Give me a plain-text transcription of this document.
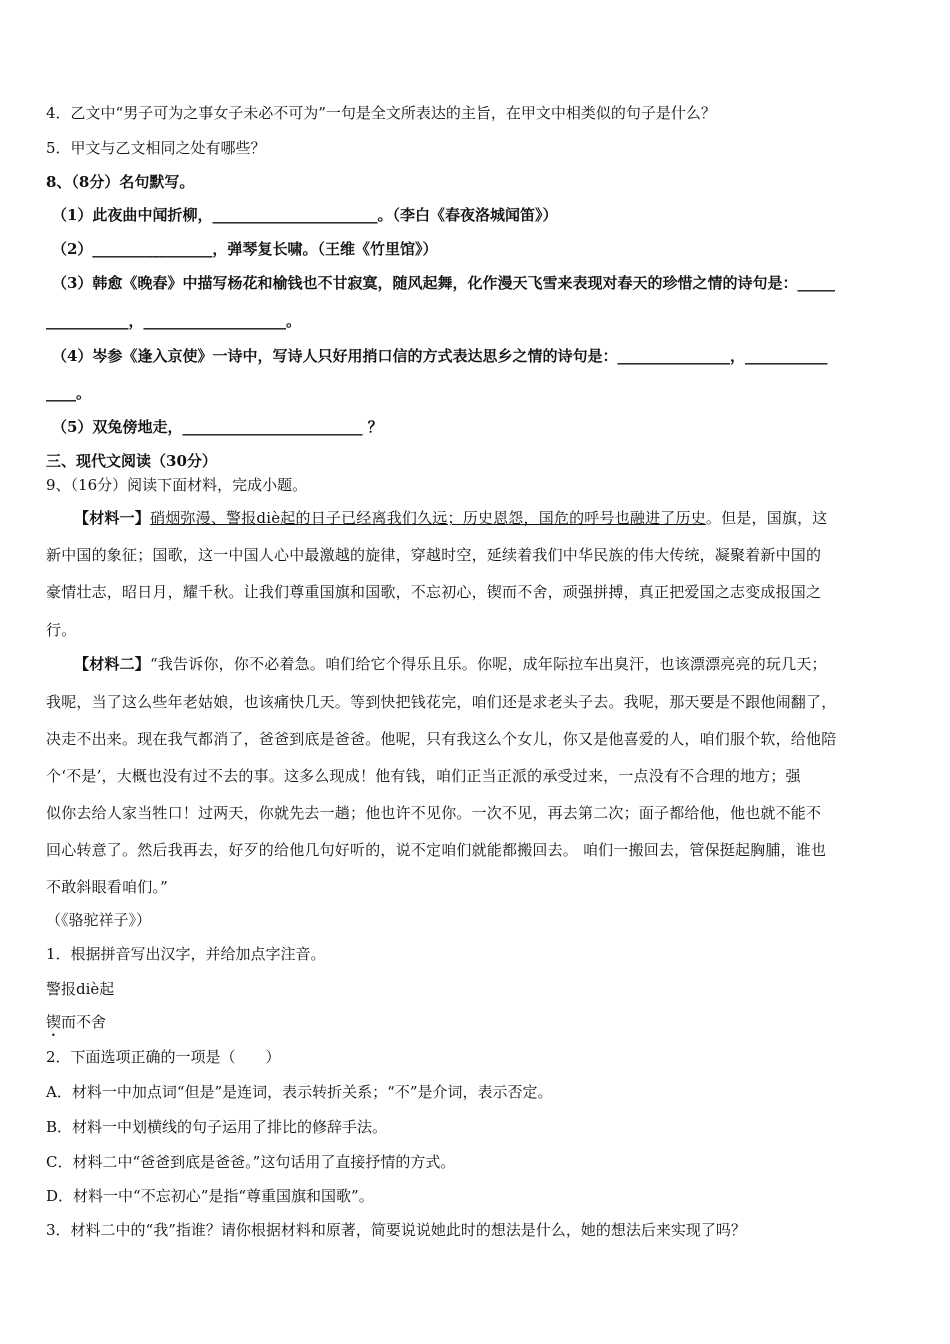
4．乙文中“男子可为之事女子未必不可为”一句是全文所表达的主旨，在甲文中相类似的句子是什么？
5．甲文与乙文相同之处有哪些？
8、（8分）名句默写。
（1）此夜曲中闻折柳，______________________。（李白《春夜洛城闻笛》）
（2）________________，弹琴复长啸。（王维《竹里馆》）
（3）韩愈《晚春》中描写杨花和榆钱也不甘寂寞，随风起舞，化作漫天飞雪来表现对春天的珍惜之情的诗句是：_____
___________，___________________。
（4）岑参《逢入京使》一诗中，写诗人只好用捎口信的方式表达思乡之情的诗句是：_______________，___________
____。
（5）双兔傍地走，________________________ ？
三、现代文阅读（30分）
9、（16分）阅读下面材料，完成小题。
【材料一】硝烟弥漫、警报diè起的日子已经离我们久远；历史恩怨，国危的呼号也融进了历史。但是，国旗，这
新中国的象征；国歌，这一中国人心中最激越的旋律，穿越时空，延续着我们中华民族的伟大传统，凝聚着新中国的
豪情壮志，昭日月，耀千秋。让我们尊重国旗和国歌，不忘初心，锲而不舍，顽强拼搏，真正把爱国之志变成报国之
行。
【材料二】“我告诉你，你不必着急。咱们给它个得乐且乐。你呢，成年际拉车出臭汗，也该漂漂亮亮的玩几天；
我呢，当了这么些年老姑娘，也该痛快几天。等到快把钱花完，咱们还是求老头子去。我呢，那天要是不跟他闹翻了，
决走不出来。现在我气都消了，爸爸到底是爸爸。他呢，只有我这么个女儿，你又是他喜爱的人，咱们服个软，给他陪
个‘不是’，大概也没有过不去的事。这多么现成！他有钱，咱们正当正派的承受过来，一点没有不合理的地方；强
似你去给人家当牲口！过两天，你就先去一趟；他也许不见你。一次不见，再去第二次；面子都给他，他也就不能不
回心转意了。然后我再去，好歹的给他几句好听的，说不定咱们就能都搬回去。 咱们一搬回去，管保挺起胸脯，谁也
不敢斜眼看咱们。”
（《骆驼祥子》）
1．根据拼音写出汉字，并给加点字注音。
警报diè起
锲而不舍
2．下面选项正确的一项是（　　）
A．材料一中加点词“但是”是连词，表示转折关系；“不”是介词，表示否定。
B．材料一中划横线的句子运用了排比的修辞手法。
C．材料二中“爸爸到底是爸爸。”这句话用了直接抒情的方式。
D．材料一中“不忘初心”是指“尊重国旗和国歌”。
3．材料二中的“我”指谁？请你根据材料和原著，简要说说她此时的想法是什么，她的想法后来实现了吗？
